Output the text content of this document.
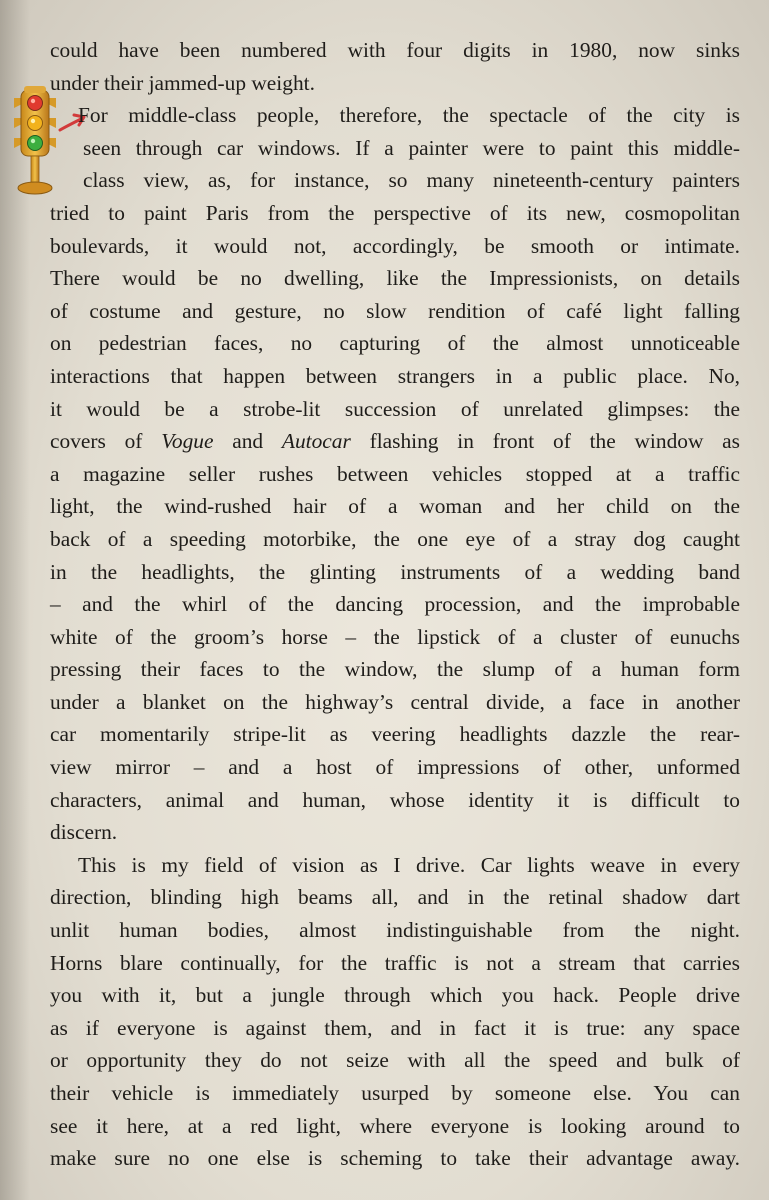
could have been numbered with four digits in 1980, now sinks
under their jammed-up weight.
For middle-class people, therefore, the spectacle of the city is
seen through car windows. If a painter were to paint this middle-
class view, as, for instance, so many nineteenth-century painters
tried to paint Paris from the perspective of its new, cosmopolitan
boulevards, it would not, accordingly, be smooth or intimate.
There would be no dwelling, like the Impressionists, on details
of costume and gesture, no slow rendition of café light falling
on pedestrian faces, no capturing of the almost unnoticeable
interactions that happen between strangers in a public place. No,
it would be a strobe-lit succession of unrelated glimpses: the
covers of Vogue and Autocar flashing in front of the window as
a magazine seller rushes between vehicles stopped at a traffic
light, the wind-rushed hair of a woman and her child on the
back of a speeding motorbike, the one eye of a stray dog caught
in the headlights, the glinting instruments of a wedding band
– and the whirl of the dancing procession, and the improbable
white of the groom’s horse – the lipstick of a cluster of eunuchs
pressing their faces to the window, the slump of a human form
under a blanket on the highway’s central divide, a face in another
car momentarily stripe-lit as veering headlights dazzle the rear-
view mirror – and a host of impressions of other, unformed
characters, animal and human, whose identity it is difficult to
discern.
This is my field of vision as I drive. Car lights weave in every
direction, blinding high beams all, and in the retinal shadow dart
unlit human bodies, almost indistinguishable from the night.
Horns blare continually, for the traffic is not a stream that carries
you with it, but a jungle through which you hack. People drive
as if everyone is against them, and in fact it is true: any space
or opportunity they do not seize with all the speed and bulk of
their vehicle is immediately usurped by someone else. You can
see it here, at a red light, where everyone is looking around to
make sure no one else is scheming to take their advantage away.
